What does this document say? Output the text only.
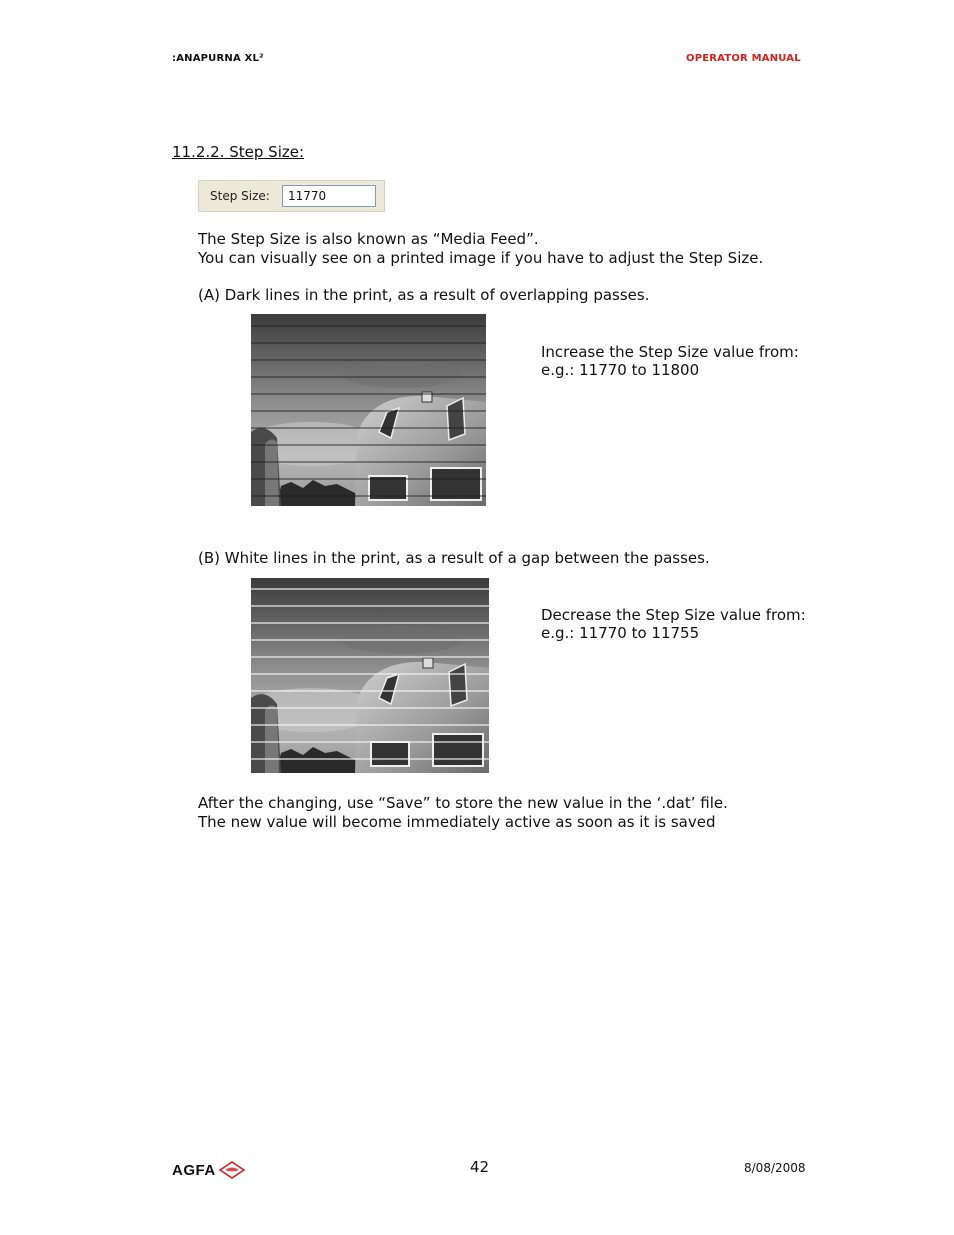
:ANAPURNA XL²	OPERATOR MANUAL
11.2.2. Step Size:
Step Size:
11770
The Step Size is also known as “Media Feed”.
You can visually see on a printed image if you have to adjust the Step Size.
(A) Dark lines in the print, as a result of overlapping passes.
Increase the Step Size value from:
e.g.: 11770 to 11800
(B) White lines in the print, as a result of a gap between the passes.
Decrease the Step Size value from:
e.g.: 11770 to 11755
After the changing, use “Save” to store the new value in the ‘.dat’ file.
The new value will become immediately active as soon as it is saved
AGFA	42	8/08/2008
